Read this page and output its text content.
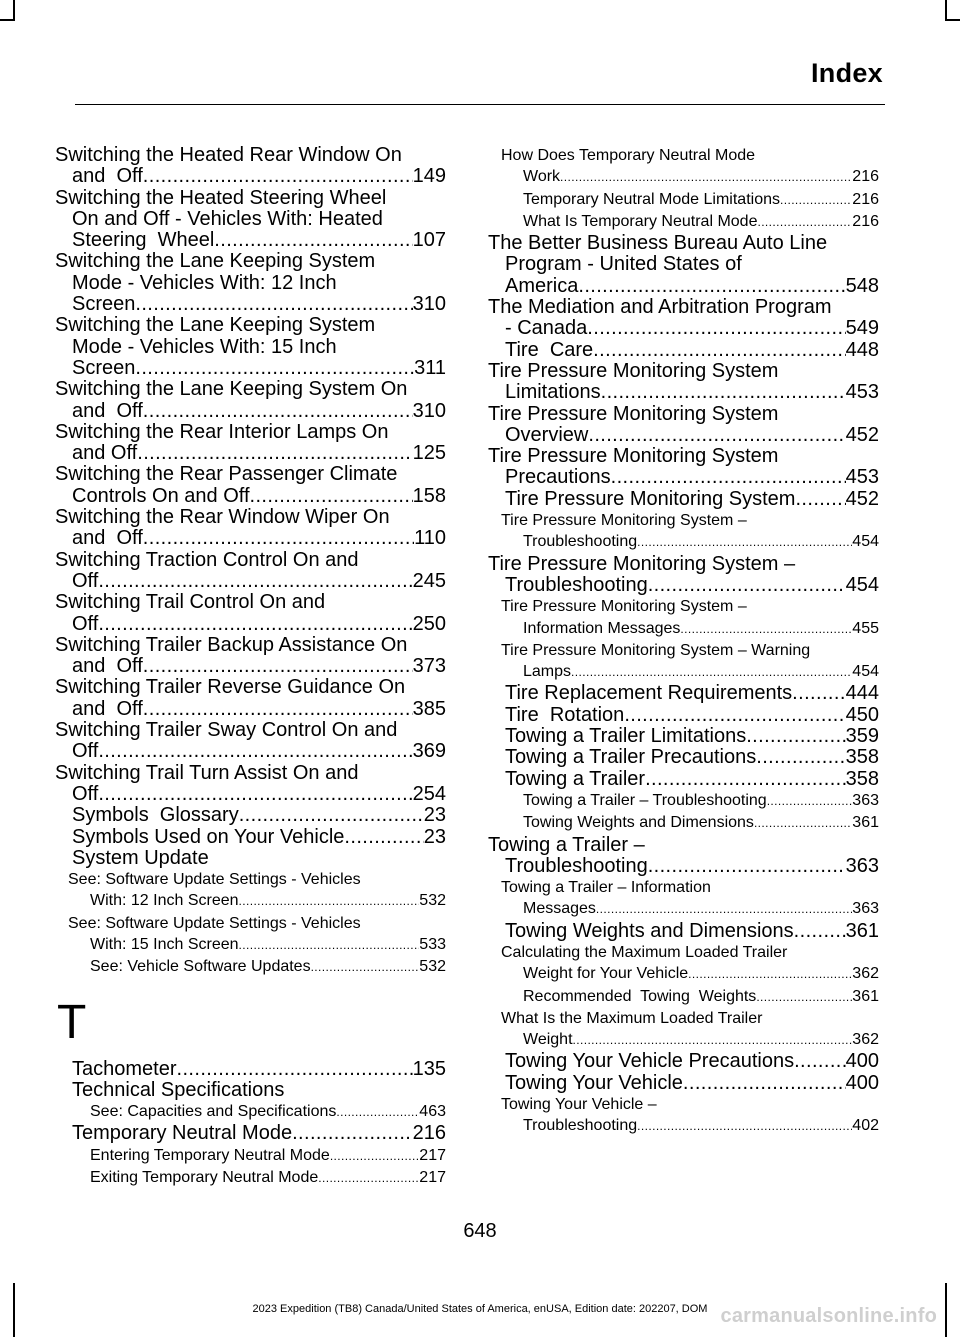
Index
Switching the Heated Rear Window On

and  Off .....	149
Switching the Heated Steering Wheel
On and Off - Vehicles With: Heated

Steering  Wheel .....	107
Switching the Lane Keeping System
Mode - Vehicles With: 12 Inch

Screen .....	310
Switching the Lane Keeping System
Mode - Vehicles With: 15 Inch

Screen .....	311
Switching the Lane Keeping System On

and  Off .....	310
Switching the Rear Interior Lamps On

and Off .....	125
Switching the Rear Passenger Climate

Controls On and Off .....	158
Switching the Rear Window Wiper On

and  Off .....	110
Switching Traction Control On and

Off .....	245
Switching Trail Control On and

Off .....	250
Switching Trailer Backup Assistance On

and  Off .....	373
Switching Trailer Reverse Guidance On

and  Off .....	385
Switching Trailer Sway Control On and

Off .....	369
Switching Trail Turn Assist On and

Off .....	254
Symbols  Glossary .....	23
Symbols Used on Your Vehicle .....	23
System Update
See: Software Update Settings - Vehicles

With: 12 Inch Screen .....	532
See: Software Update Settings - Vehicles

With: 15 Inch Screen .....	533
See: Vehicle Software Updates .....	532
T
Tachometer .....	135
Technical Specifications
See: Capacities and Specifications .....	463
Temporary Neutral Mode .....	216
Entering Temporary Neutral Mode .....	217
Exiting Temporary Neutral Mode .....	217
How Does Temporary Neutral Mode

Work .....	216
Temporary Neutral Mode Limitations .....	216
What Is Temporary Neutral Mode .....	216
The Better Business Bureau Auto Line
Program - United States of

America .....	548
The Mediation and Arbitration Program

- Canada .....	549
Tire  Care .....	448
Tire Pressure Monitoring System

Limitations .....	453
Tire Pressure Monitoring System

Overview .....	452
Tire Pressure Monitoring System

Precautions .....	453
Tire Pressure Monitoring System .....	452
Tire Pressure Monitoring System –

Troubleshooting .....	454
Tire Pressure Monitoring System –

Troubleshooting .....	454
Tire Pressure Monitoring System –

Information Messages .....	455
Tire Pressure Monitoring System – Warning

Lamps .....	454
Tire Replacement Requirements .....	444
Tire  Rotation .....	450
Towing a Trailer Limitations .....	359
Towing a Trailer Precautions .....	358
Towing a Trailer .....	358
Towing a Trailer – Troubleshooting .....	363
Towing Weights and Dimensions .....	361
Towing a Trailer –

Troubleshooting .....	363
Towing a Trailer – Information

Messages .....	363
Towing Weights and Dimensions .....	361
Calculating the Maximum Loaded Trailer

Weight for Your Vehicle .....	362
Recommended  Towing  Weights .....	361
What Is the Maximum Loaded Trailer

Weight .....	362
Towing Your Vehicle Precautions .....	400
Towing Your Vehicle .....	400
Towing Your Vehicle –

Troubleshooting .....	402
648
2023 Expedition (TB8) Canada/United States of America, enUSA, Edition date: 202207, DOM carmanualsonline.info
